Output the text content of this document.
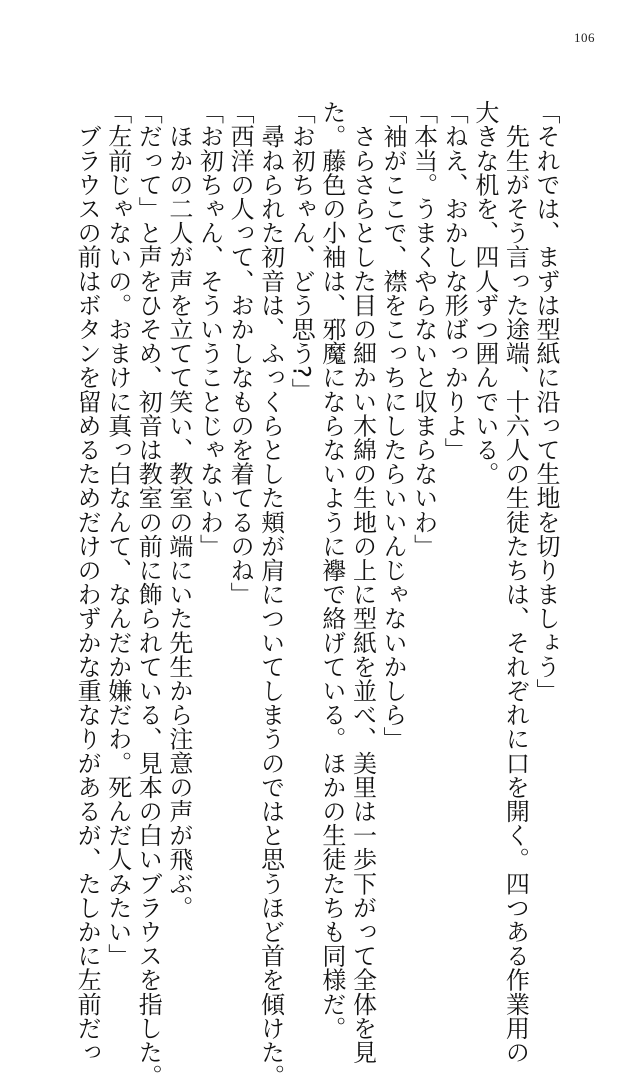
106
「それでは、まずは型紙に沿って生地を切りましょう」
　先生がそう言った途端、十六人の生徒たちは、それぞれに口を開く。四つある作業用の
大きな机を、四人ずつ囲んでいる。
「ねえ、おかしな形ばっかりよ」
「本当。うまくやらないと収まらないわ」
「袖がここで、襟をこっちにしたらいいんじゃないかしら」
　さらさらとした目の細かい木綿の生地の上に型紙を並べ、美里は一歩下がって全体を見
た。藤色の小袖は、邪魔にならないように襷で絡げている。ほかの生徒たちも同様だ。
「お初ちゃん、どう思う?」
　尋ねられた初音は、ふっくらとした頬が肩についてしまうのではと思うほど首を傾けた。
「西洋の人って、おかしなものを着てるのね」
「お初ちゃん、そういうことじゃないわ」
　ほかの二人が声を立てて笑い、教室の端にいた先生から注意の声が飛ぶ。
「だって」と声をひそめ、初音は教室の前に飾られている、見本の白いブラウスを指した。
「左前じゃないの。おまけに真っ白なんて、なんだか嫌だわ。死んだ人みたい」
　ブラウスの前はボタンを留めるためだけのわずかな重なりがあるが、たしかに左前だっ
